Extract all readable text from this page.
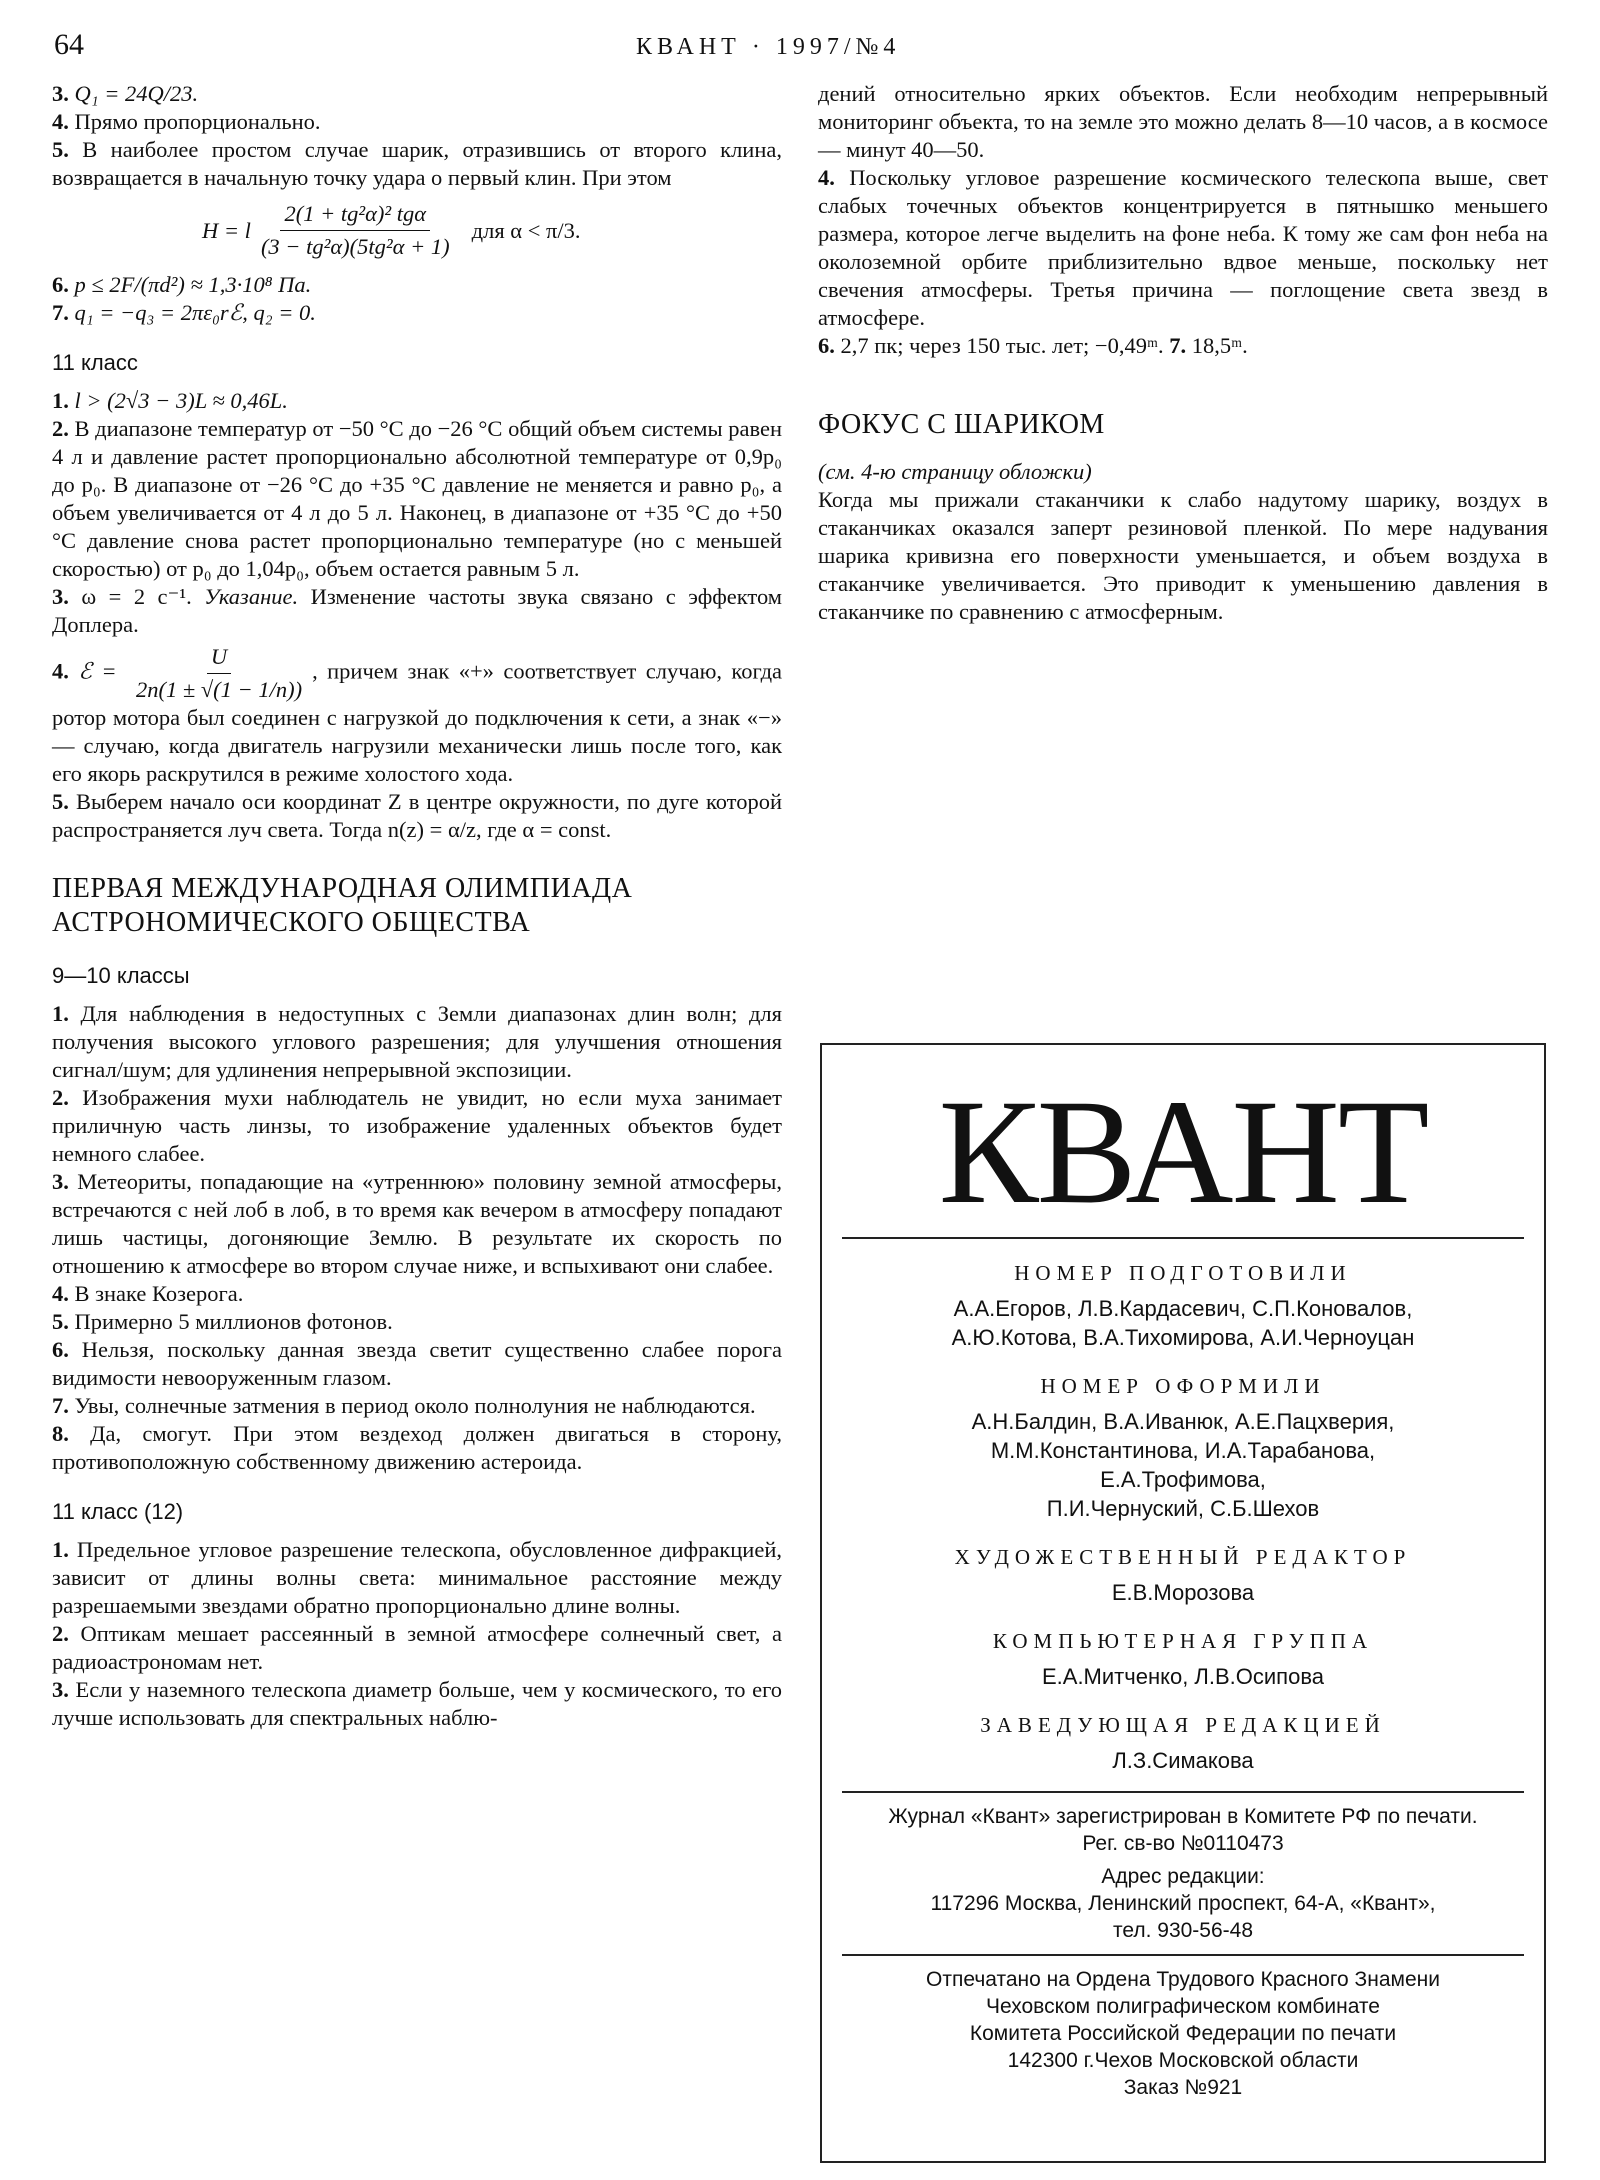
64	КВАНТ · 1997/№4

3. Q₁ = 24Q/23.

4. Прямо пропорционально.

5. В наиболее простом случае шарик, отразившись от второго клина, возвращается в начальную точку удара о первый клин. При этом

H = l $\frac{\text{2(1 + tg²α)² tgα}}{\text{(3 − tg²α)(5tg²α + 1)}}$ для α < π/3.

6. p ≤ 2F/(πd²) ≈ 1,3·10⁸ Па.

7. q₁ = −q₃ = 2πε₀rℰ, q₂ = 0.

11 класс

1. l > (2√3 − 3)L ≈ 0,46L.

2. В диапазоне температур от −50 °С до −26 °С общий объем системы равен 4 л и давление растет пропорционально абсолютной температуре от 0,9p₀ до p₀. В диапазоне от −26 °С до +35 °С давление не меняется и равно p₀, а объем увеличивается от 4 л до 5 л. Наконец, в диапазоне от +35 °С до +50 °С давление снова растет пропорционально температуре (но с меньшей скоростью) от p₀ до 1,04p₀, объем остается равным 5 л.

3. ω = 2 с⁻¹. Указание. Изменение частоты звука связано с эффектом Доплера.

4. ℰ = $\frac{U}{2n(1 \pm √(1 - 1/n))}$ , причем знак «+» соответствует случаю, когда ротор мотора был соединен с нагрузкой до подключения к сети, а знак «−» — случаю, когда двигатель нагрузили механически лишь после того, как его якорь раскрутился в режиме холостого хода.

5. Выберем начало оси координат Z в центре окружности, по дуге которой распространяется луч света. Тогда n(z) = α/z, где α = const.

ПЕРВАЯ МЕЖДУНАРОДНАЯ ОЛИМПИАДА АСТРОНОМИЧЕСКОГО ОБЩЕСТВА
9—10 классы

1. Для наблюдения в недоступных с Земли диапазонах длин волн; для получения высокого углового разрешения; для улучшения отношения сигнал/шум; для удлинения непрерывной экспозиции.

2. Изображения мухи наблюдатель не увидит, но если муха занимает приличную часть линзы, то изображение удаленных объектов будет немного слабее.

3. Метеориты, попадающие на «утреннюю» половину земной атмосферы, встречаются с ней лоб в лоб, в то время как вечером в атмосферу попадают лишь частицы, догоняющие Землю. В результате их скорость по отношению к атмосфере во втором случае ниже, и вспыхивают они слабее.

4. В знаке Козерога.

5. Примерно 5 миллионов фотонов.

6. Нельзя, поскольку данная звезда светит существенно слабее порога видимости невооруженным глазом.

7. Увы, солнечные затмения в период около полнолуния не наблюдаются.

8. Да, смогут. При этом вездеход должен двигаться в сторону, противоположную собственному движению астероида.

11 класс (12)

1. Предельное угловое разрешение телескопа, обусловленное дифракцией, зависит от длины волны света: минимальное расстояние между разрешаемыми звездами обратно пропорционально длине волны.

2. Оптикам мешает рассеянный в земной атмосфере солнечный свет, а радиоастрономам нет.

3. Если у наземного телескопа диаметр больше, чем у космического, то его лучше использовать для спектральных наблю-

дений относительно ярких объектов. Если необходим непрерывный мониторинг объекта, то на земле это можно делать 8—10 часов, а в космосе — минут 40—50.

4. Поскольку угловое разрешение космического телескопа выше, свет слабых точечных объектов концентрируется в пятнышко меньшего размера, которое легче выделить на фоне неба. К тому же сам фон неба на околоземной орбите приблизительно вдвое меньше, поскольку нет свечения атмосферы. Третья причина — поглощение света звезд в атмосфере.

6. 2,7 пк; через 150 тыс. лет; −0,49ᵐ. 7. 18,5ᵐ.

ФОКУС С ШАРИКОМ
(см. 4-ю страницу обложки)

Когда мы прижали стаканчики к слабо надутому шарику, воздух в стаканчиках оказался заперт резиновой пленкой. По мере надувания шарика кривизна его поверхности уменьшается, и объем воздуха в стаканчике увеличивается. Это приводит к уменьшению давления в стаканчике по сравнению с атмосферным.

КВАНТ
НОМЕР ПОДГОТОВИЛИ
А.А.Егоров, Л.В.Кардасевич, С.П.Коновалов,
А.Ю.Котова, В.А.Тихомирова, А.И.Черноуцан
НОМЕР ОФОРМИЛИ
А.Н.Балдин, В.А.Иванюк, А.Е.Пацхверия,
М.М.Константинова, И.А.Тарабанова,
Е.А.Трофимова,
П.И.Чернуский, С.Б.Шехов
ХУДОЖЕСТВЕННЫЙ РЕДАКТОР
Е.В.Морозова
КОМПЬЮТЕРНАЯ ГРУППА
Е.А.Митченко, Л.В.Осипова
ЗАВЕДУЮЩАЯ РЕДАКЦИЕЙ
Л.З.Симакова
Журнал «Квант» зарегистрирован в Комитете РФ по печати.
Рег. св-во №0110473
Адрес редакции:
117296 Москва, Ленинский проспект, 64-А, «Квант»,
тел. 930-56-48
Отпечатано на Ордена Трудового Красного Знамени
Чеховском полиграфическом комбинате
Комитета Российской Федерации по печати
142300 г.Чехов Московской области
Заказ №921
